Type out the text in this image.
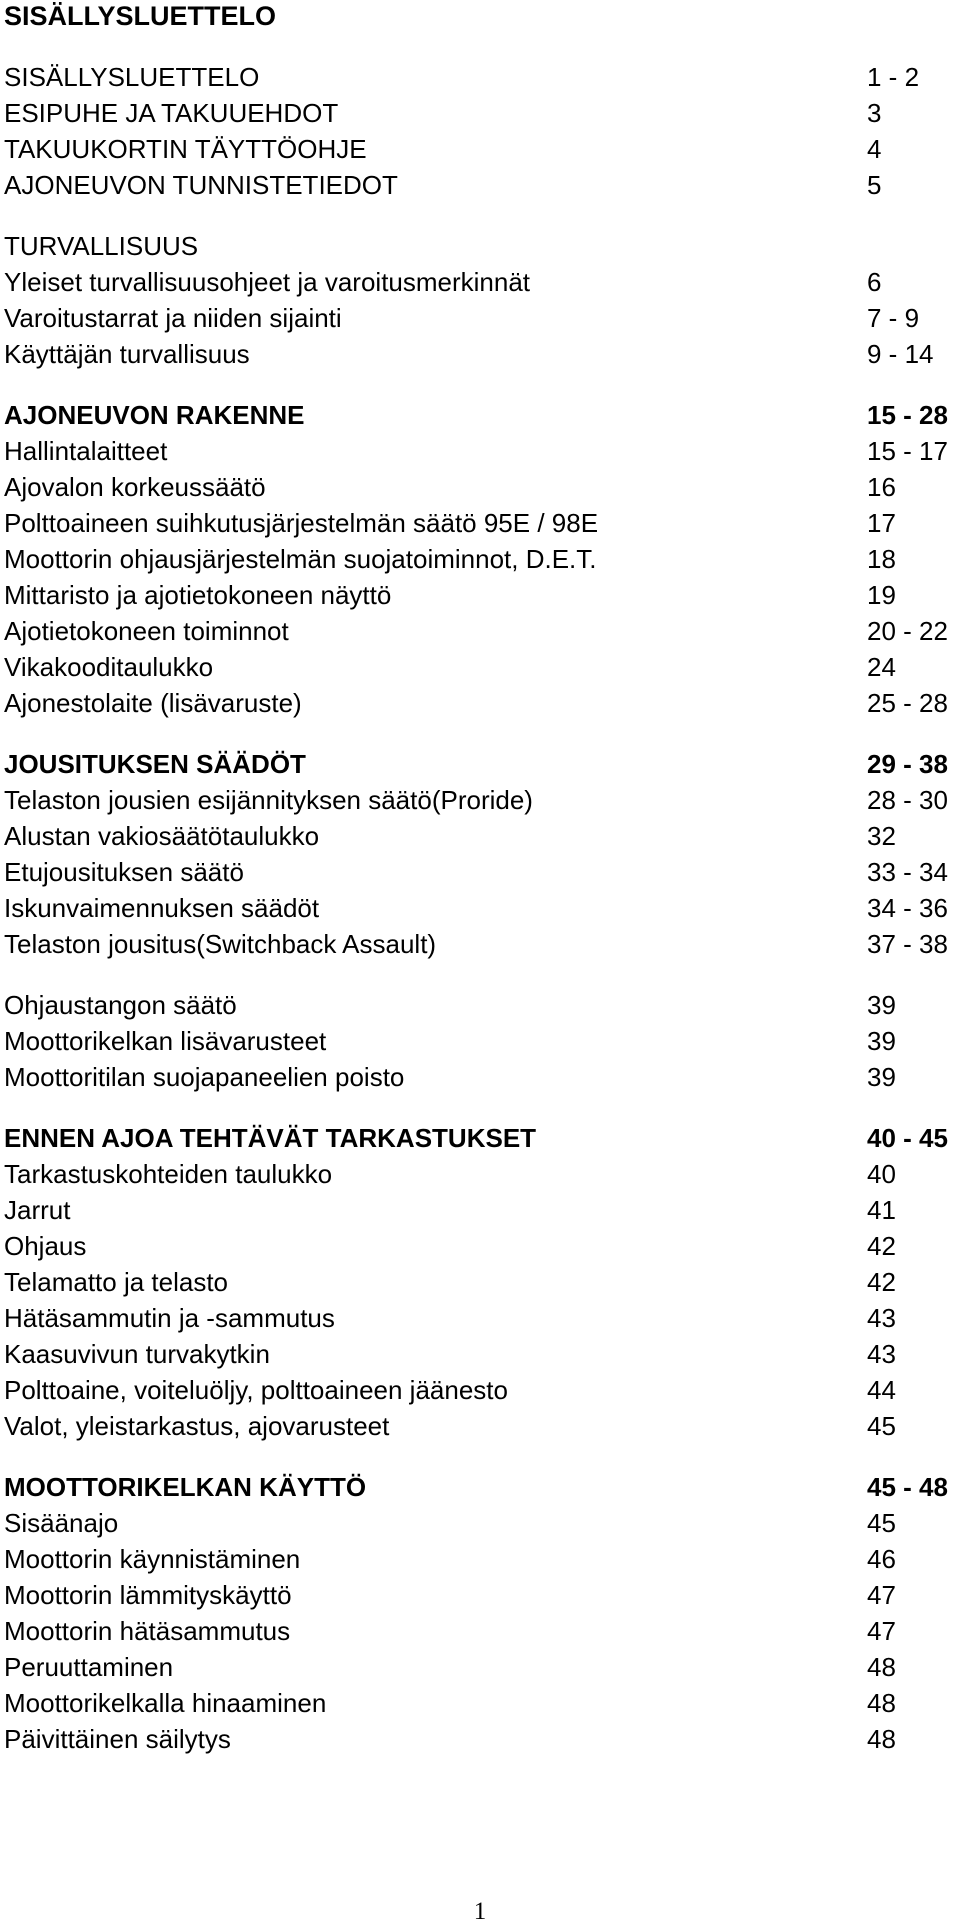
SISÄLLYSLUETTELO
SISÄLLYSLUETTELO	1 - 2
ESIPUHE JA TAKUUEHDOT	3
TAKUUKORTIN TÄYTTÖOHJE	4
AJONEUVON TUNNISTETIEDOT	5
TURVALLISUUS
Yleiset turvallisuusohjeet ja varoitusmerkinnät	6
Varoitustarrat ja niiden sijainti	7 - 9
Käyttäjän turvallisuus	9 - 14
AJONEUVON RAKENNE	15 - 28
Hallintalaitteet	15 - 17
Ajovalon korkeussäätö	16
Polttoaineen suihkutusjärjestelmän säätö 95E / 98E	17
Moottorin ohjausjärjestelmän suojatoiminnot, D.E.T.	18
Mittaristo ja ajotietokoneen näyttö	19
Ajotietokoneen toiminnot	20 - 22
Vikakooditaulukko	24
Ajonestolaite (lisävaruste)	25 - 28
JOUSITUKSEN SÄÄDÖT	29 - 38
Telaston jousien esijännityksen säätö(Proride)	28 - 30
Alustan vakiosäätötaulukko	32
Etujousituksen säätö	33 - 34
Iskunvaimennuksen säädöt	34 - 36
Telaston jousitus(Switchback Assault)	37 - 38
Ohjaustangon säätö	39
Moottorikelkan lisävarusteet	39
Moottoritilan suojapaneelien poisto	39
ENNEN AJOA TEHTÄVÄT TARKASTUKSET	40 - 45
Tarkastuskohteiden taulukko	40
Jarrut	41
Ohjaus	42
Telamatto ja telasto	42
Hätäsammutin ja -sammutus	43
Kaasuvivun turvakytkin	43
Polttoaine, voiteluöljy, polttoaineen jäänesto	44
Valot, yleistarkastus, ajovarusteet	45
MOOTTORIKELKAN KÄYTTÖ	45 - 48
Sisäänajo	45
Moottorin käynnistäminen	46
Moottorin lämmityskäyttö	47
Moottorin hätäsammutus	47
Peruuttaminen	48
Moottorikelkalla hinaaminen	48
Päivittäinen säilytys	48
1
